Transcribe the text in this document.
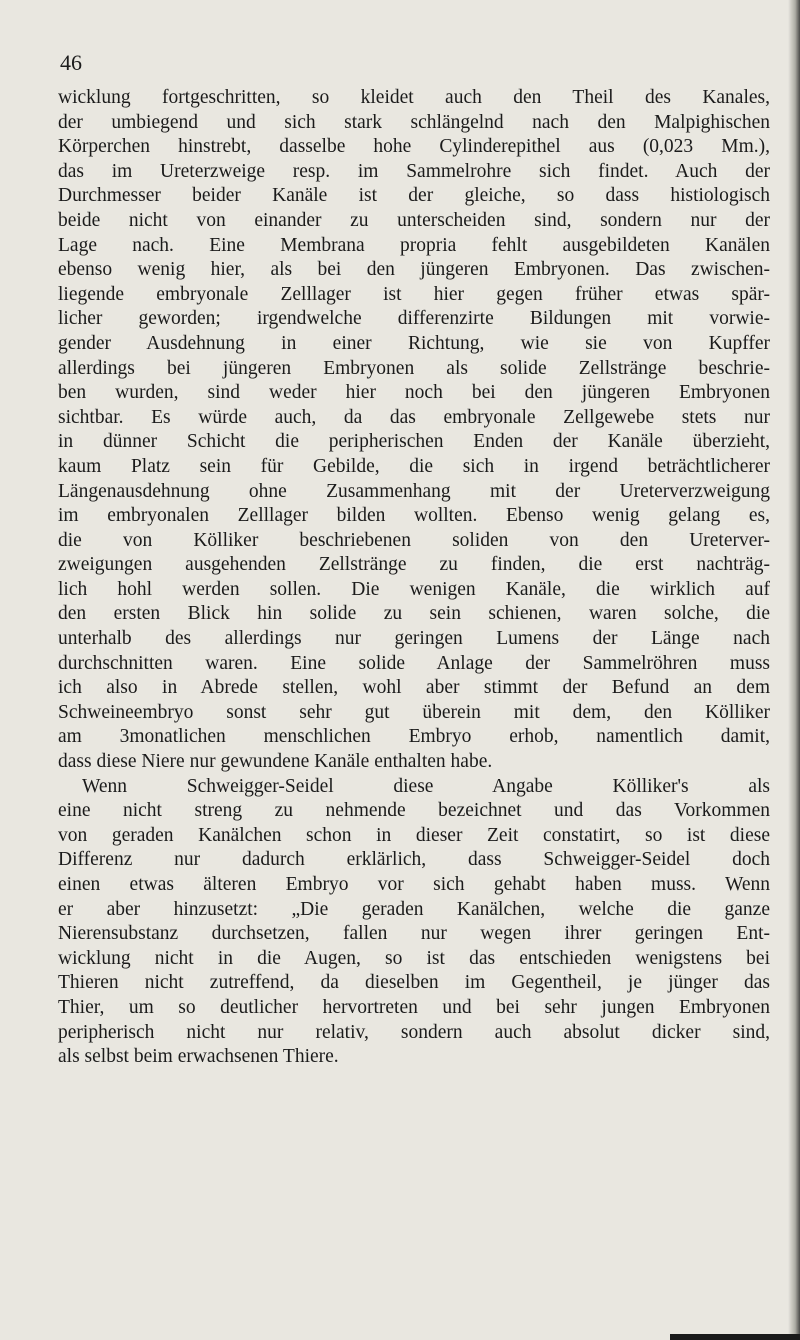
46
wicklung fortgeschritten, so kleidet auch den Theil des Kanales,
der umbiegend und sich stark schlängelnd nach den Malpighischen
Körperchen hinstrebt, dasselbe hohe Cylinderepithel aus (0,023 Mm.),
das im Ureterzweige resp. im Sammelrohre sich findet. Auch der
Durchmesser beider Kanäle ist der gleiche, so dass histiologisch
beide nicht von einander zu unterscheiden sind, sondern nur der
Lage nach. Eine Membrana propria fehlt ausgebildeten Kanälen
ebenso wenig hier, als bei den jüngeren Embryonen. Das zwischen-
liegende embryonale Zelllager ist hier gegen früher etwas spär-
licher geworden; irgendwelche differenzirte Bildungen mit vorwie-
gender Ausdehnung in einer Richtung, wie sie von Kupffer
allerdings bei jüngeren Embryonen als solide Zellstränge beschrie-
ben wurden, sind weder hier noch bei den jüngeren Embryonen
sichtbar. Es würde auch, da das embryonale Zellgewebe stets nur
in dünner Schicht die peripherischen Enden der Kanäle überzieht,
kaum Platz sein für Gebilde, die sich in irgend beträchtlicherer
Längenausdehnung ohne Zusammenhang mit der Ureterverzweigung
im embryonalen Zelllager bilden wollten. Ebenso wenig gelang es,
die von Kölliker beschriebenen soliden von den Ureterver-
zweigungen ausgehenden Zellstränge zu finden, die erst nachträg-
lich hohl werden sollen. Die wenigen Kanäle, die wirklich auf
den ersten Blick hin solide zu sein schienen, waren solche, die
unterhalb des allerdings nur geringen Lumens der Länge nach
durchschnitten waren. Eine solide Anlage der Sammelröhren muss
ich also in Abrede stellen, wohl aber stimmt der Befund an dem
Schweineembryo sonst sehr gut überein mit dem, den Kölliker
am 3monatlichen menschlichen Embryo erhob, namentlich damit,
dass diese Niere nur gewundene Kanäle enthalten habe.
Wenn Schweigger-Seidel diese Angabe Kölliker's als
eine nicht streng zu nehmende bezeichnet und das Vorkommen
von geraden Kanälchen schon in dieser Zeit constatirt, so ist diese
Differenz nur dadurch erklärlich, dass Schweigger-Seidel doch
einen etwas älteren Embryo vor sich gehabt haben muss. Wenn
er aber hinzusetzt: „Die geraden Kanälchen, welche die ganze
Nierensubstanz durchsetzen, fallen nur wegen ihrer geringen Ent-
wicklung nicht in die Augen, so ist das entschieden wenigstens bei
Thieren nicht zutreffend, da dieselben im Gegentheil, je jünger das
Thier, um so deutlicher hervortreten und bei sehr jungen Embryonen
peripherisch nicht nur relativ, sondern auch absolut dicker sind,
als selbst beim erwachsenen Thiere.
